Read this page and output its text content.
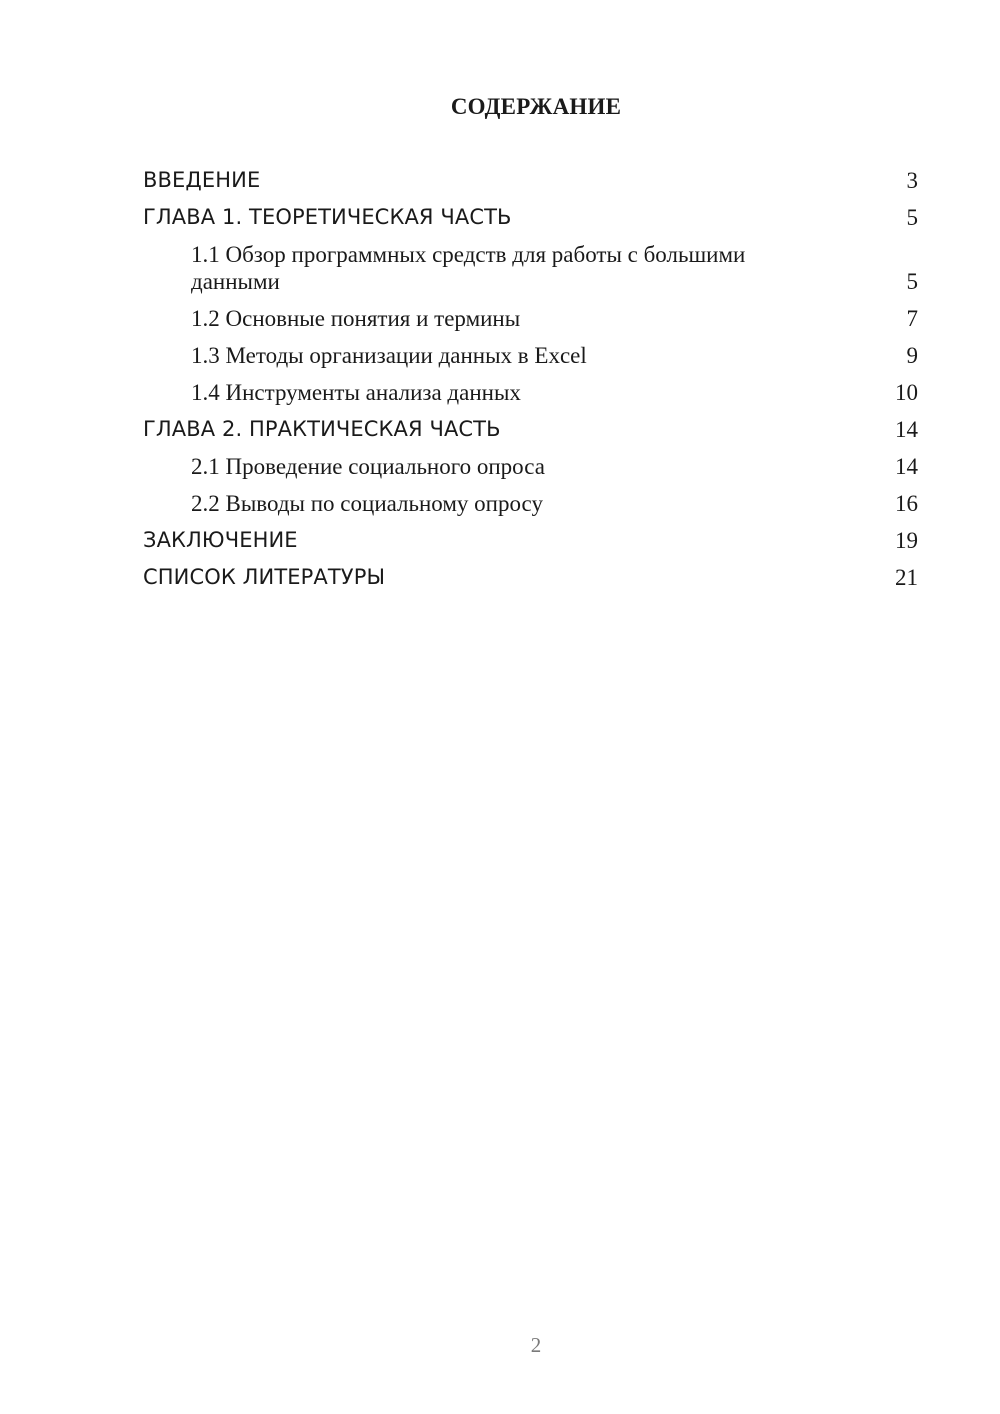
СОДЕРЖАНИЕ
ВВЕДЕНИЕ	3
ГЛАВА 1. ТЕОРЕТИЧЕСКАЯ ЧАСТЬ	5
1.1 Обзор программных средств для работы с большими данными	5
1.2 Основные понятия и термины	7
1.3 Методы организации данных в Excel	9
1.4 Инструменты анализа данных	10
ГЛАВА 2. ПРАКТИЧЕСКАЯ ЧАСТЬ	14
2.1 Проведение социального опроса	14
2.2 Выводы по социальному опросу	16
ЗАКЛЮЧЕНИЕ	19
СПИСОК ЛИТЕРАТУРЫ	21
2
